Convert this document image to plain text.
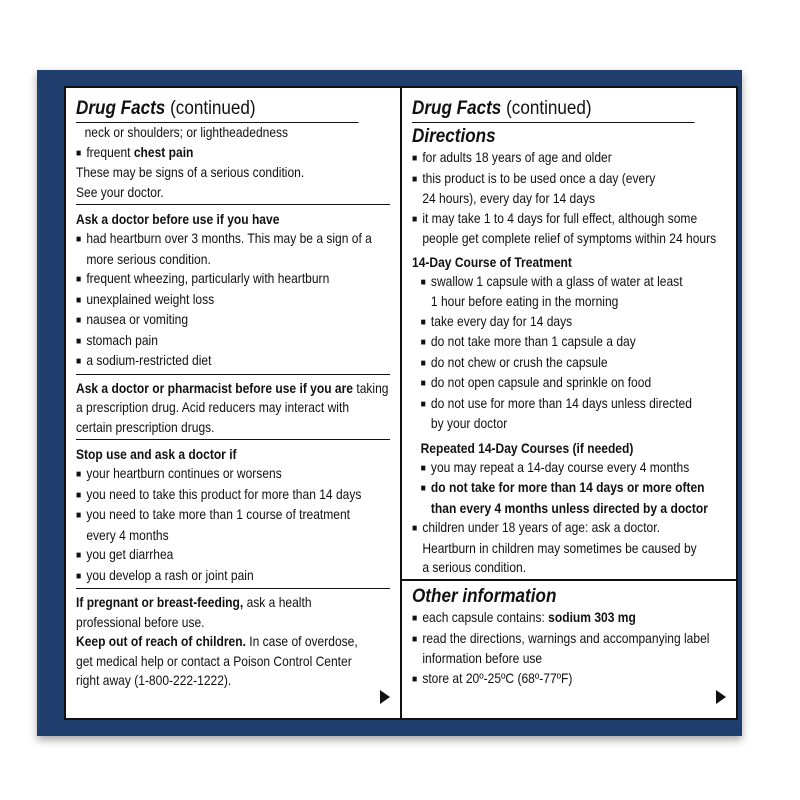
Drug Facts (continued)
neck or shoulders; or lightheadedness
■ frequent chest pain
These may be signs of a serious condition.
See your doctor.
Ask a doctor before use if you have
■ had heartburn over 3 months. This may be a sign of a
more serious condition.
■ frequent wheezing, particularly with heartburn
■ unexplained weight loss
■ nausea or vomiting
■ stomach pain
■ a sodium-restricted diet
Ask a doctor or pharmacist before use if you are taking
a prescription drug. Acid reducers may interact with
certain prescription drugs.
Stop use and ask a doctor if
■ your heartburn continues or worsens
■ you need to take this product for more than 14 days
■ you need to take more than 1 course of treatment
every 4 months
■ you get diarrhea
■ you develop a rash or joint pain
If pregnant or breast-feeding, ask a health
professional before use.
Keep out of reach of children. In case of overdose,
get medical help or contact a Poison Control Center
right away (1-800-222-1222).
Drug Facts (continued)
Directions
■ for adults 18 years of age and older
■ this product is to be used once a day (every
24 hours), every day for 14 days
■ it may take 1 to 4 days for full effect, although some
people get complete relief of symptoms within 24 hours
14-Day Course of Treatment
■ swallow 1 capsule with a glass of water at least
1 hour before eating in the morning
■ take every day for 14 days
■ do not take more than 1 capsule a day
■ do not chew or crush the capsule
■ do not open capsule and sprinkle on food
■ do not use for more than 14 days unless directed
by your doctor
Repeated 14-Day Courses (if needed)
■ you may repeat a 14-day course every 4 months
■ do not take for more than 14 days or more often
than every 4 months unless directed by a doctor
■ children under 18 years of age: ask a doctor.
Heartburn in children may sometimes be caused by
a serious condition.
Other information
■ each capsule contains: sodium 303 mg
■ read the directions, warnings and accompanying label
information before use
■ store at 20º-25ºC (68º-77ºF)
